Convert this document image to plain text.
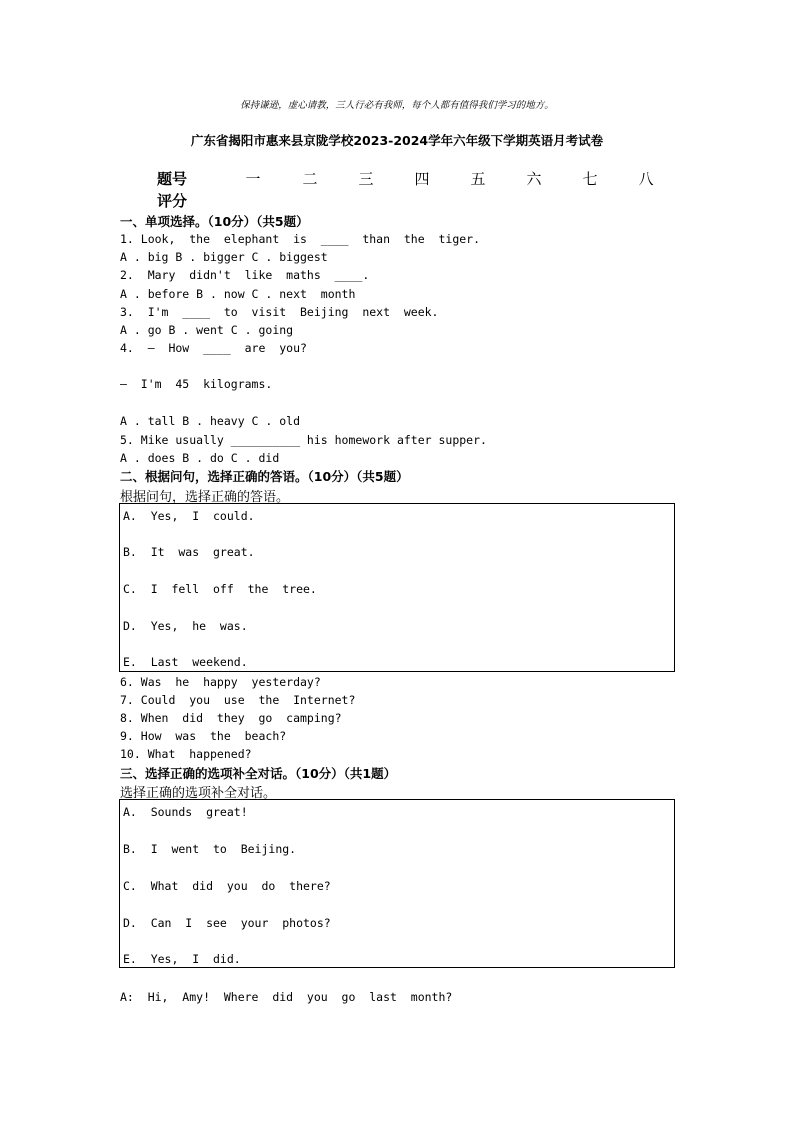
保持谦逊，虚心请教，三人行必有我师，每个人都有值得我们学习的地方。
广东省揭阳市惠来县京陇学校2023-2024学年六年级下学期英语月考试卷
题号	一	二	三	四	五	六	七	八
评分
一、单项选择。（10分）（共5题）
1. Look,  the  elephant  is  ____  than  the  tiger.
A . big B . bigger C . biggest
2.  Mary  didn't  like  maths  ____.
A . before B . now C . next  month
3.  I'm  ____  to  visit  Beijing  next  week.
A . go B . went C . going
4.  —  How  ____  are  you?
—  I'm  45  kilograms.
A . tall B . heavy C . old
5. Mike usually __________ his homework after supper.
A . does B . do C . did
二、根据问句，选择正确的答语。（10分）（共5题）
根据问句，选择正确的答语。
A.  Yes,  I  could.
B.  It  was  great.
C.  I  fell  off  the  tree.
D.  Yes,  he  was.
E.  Last  weekend.
6. Was  he  happy  yesterday?
7. Could  you  use  the  Internet?
8. When  did  they  go  camping?
9. How  was  the  beach?
10. What  happened?
三、选择正确的选项补全对话。（10分）（共1题）
选择正确的选项补全对话。
A.  Sounds  great!
B.  I  went  to  Beijing.
C.  What  did  you  do  there?
D.  Can  I  see  your  photos?
E.  Yes,  I  did.
A:  Hi,  Amy!  Where  did  you  go  last  month?
